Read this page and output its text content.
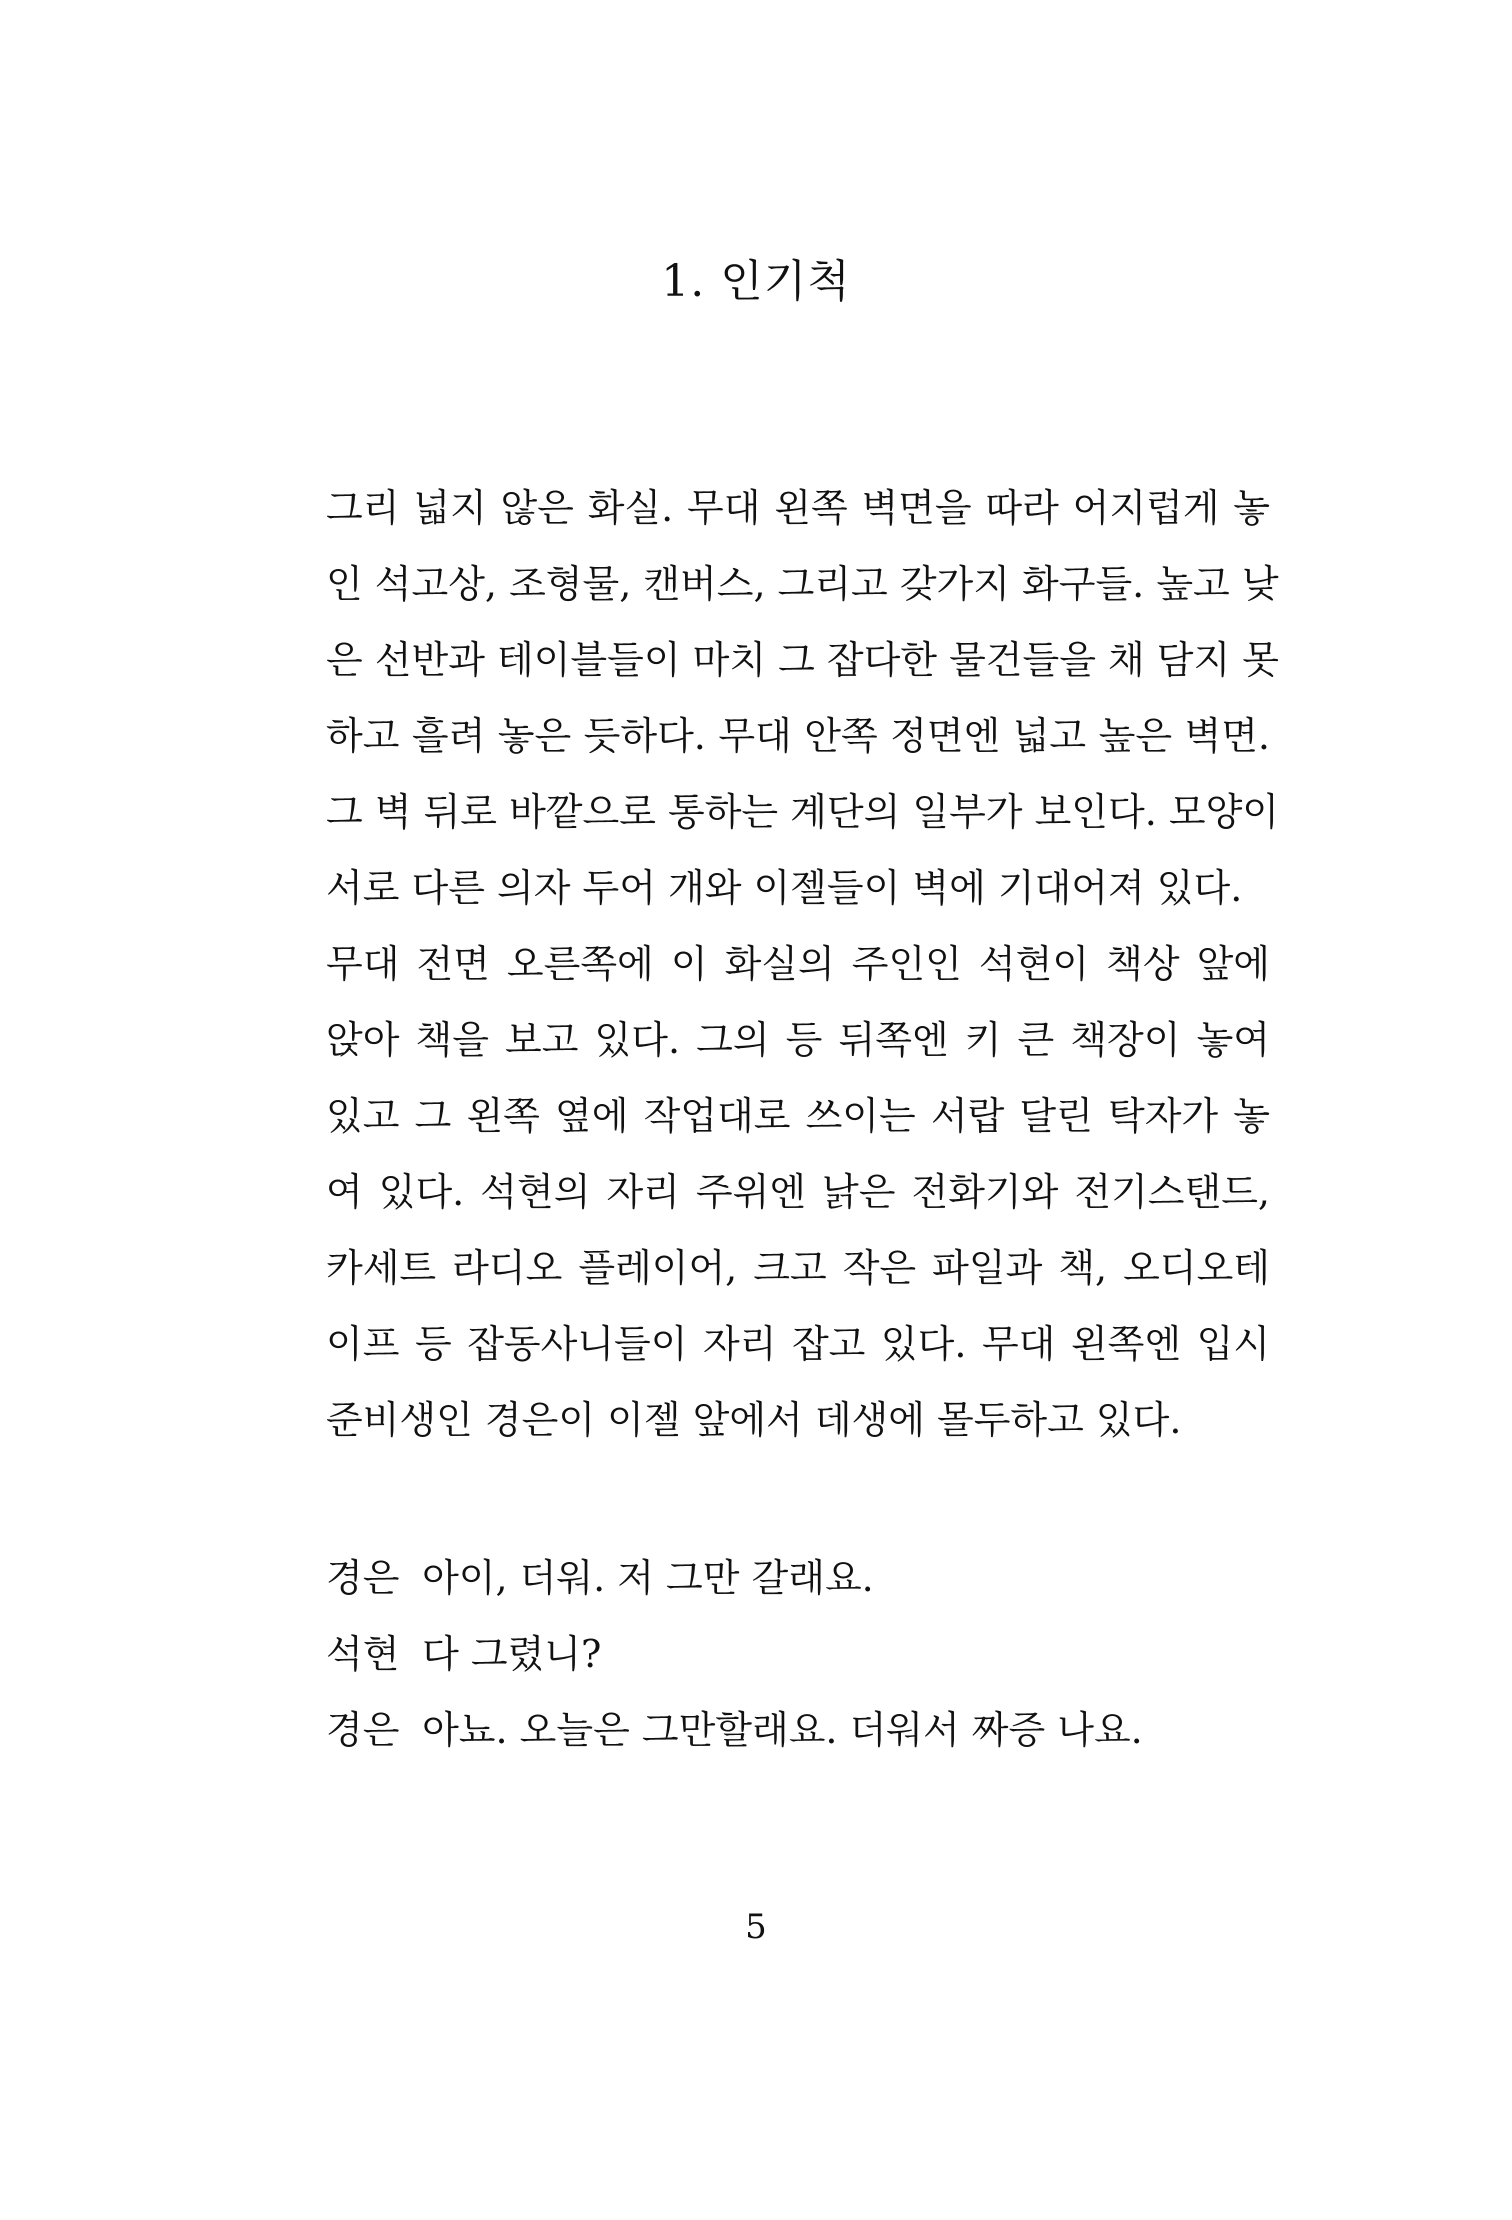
1. 인기척
그리 넓지 않은 화실. 무대 왼쪽 벽면을 따라 어지럽게 놓
인 석고상, 조형물, 캔버스, 그리고 갖가지 화구들. 높고 낮
은 선반과 테이블들이 마치 그 잡다한 물건들을 채 담지 못
하고 흘려 놓은 듯하다. 무대 안쪽 정면엔 넓고 높은 벽면.
그 벽 뒤로 바깥으로 통하는 계단의 일부가 보인다. 모양이
서로 다른 의자 두어 개와 이젤들이 벽에 기대어져 있다.
무대 전면 오른쪽에 이 화실의 주인인 석현이 책상 앞에
앉아 책을 보고 있다. 그의 등 뒤쪽엔 키 큰 책장이 놓여
있고 그 왼쪽 옆에 작업대로 쓰이는 서랍 달린 탁자가 놓
여 있다. 석현의 자리 주위엔 낡은 전화기와 전기스탠드,
카세트 라디오 플레이어, 크고 작은 파일과 책, 오디오테
이프 등 잡동사니들이 자리 잡고 있다. 무대 왼쪽엔 입시
준비생인 경은이 이젤 앞에서 데생에 몰두하고 있다.
경은 아이, 더워. 저 그만 갈래요.
석현 다 그렸니?
경은 아뇨. 오늘은 그만할래요. 더워서 짜증 나요.
5
